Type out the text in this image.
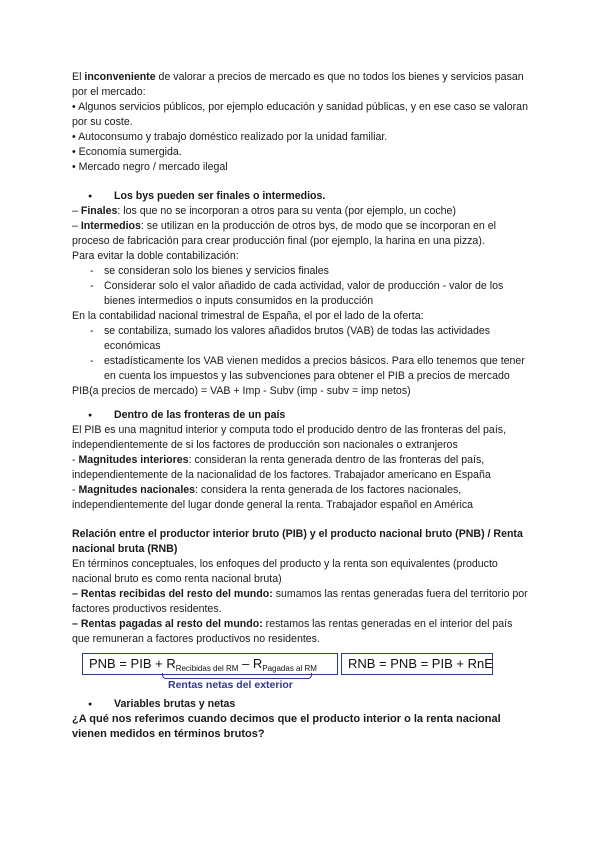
El inconveniente de valorar a precios de mercado es que no todos los bienes y servicios pasan por el mercado:

• Algunos servicios públicos, por ejemplo educación y sanidad públicas, y en ese caso se valoran por su coste.

• Autoconsumo y trabajo doméstico realizado por la unidad familiar.

• Economía sumergida.

• Mercado negro / mercado ilegal

● Los bys pueden ser finales o intermedios.

– Finales: los que no se incorporan a otros para su venta (por ejemplo, un coche)

– Intermedios: se utilizan en la producción de otros bys, de modo que se incorporan en el proceso de fabricación para crear producción final (por ejemplo, la harina en una pizza).

Para evitar la doble contabilización:

- se consideran solo los bienes y servicios finales
- Considerar solo el valor añadido de cada actividad, valor de producción - valor de los bienes intermedios o inputs consumidos en la producción

En la contabilidad nacional trimestral de España, el por el lado de la oferta:

- se contabiliza, sumado los valores añadidos brutos (VAB) de todas las actividades económicas
- estadísticamente los VAB vienen medidos a precios básicos. Para ello tenemos que tener en cuenta los impuestos y las subvenciones para obtener el PIB a precios de mercado

PIB(a precios de mercado) = VAB + Imp - Subv (imp - subv = imp netos)

● Dentro de las fronteras de un país

El PIB es una magnitud interior y computa todo el producido dentro de las fronteras del país, independientemente de si los factores de producción son nacionales o extranjeros

- Magnitudes interiores: consideran la renta generada dentro de las fronteras del país, independientemente de la nacionalidad de los factores. Trabajador americano en España

- Magnitudes nacionales: considera la renta generada de los factores nacionales, independientemente del lugar donde general la renta. Trabajador español en América

Relación entre el productor interior bruto (PIB) y el producto nacional bruto (PNB) / Renta nacional bruta (RNB)

En términos conceptuales, los enfoques del producto y la renta son equivalentes (producto nacional bruto es como renta nacional bruta)

– Rentas recibidas del resto del mundo: sumamos las rentas generadas fuera del territorio por factores productivos residentes.

– Rentas pagadas al resto del mundo: restamos las rentas generadas en el interior del país que remuneran a factores productivos no residentes.

PNB = PIB + $R_{Recibidas del RM} - R_{Pagadas al RM}$	RNB = PNB = PIB + RnE
Rentas netas del exterior

● Variables brutas y netas

¿A qué nos referimos cuando decimos que el producto interior o la renta nacional vienen medidos en términos brutos?
